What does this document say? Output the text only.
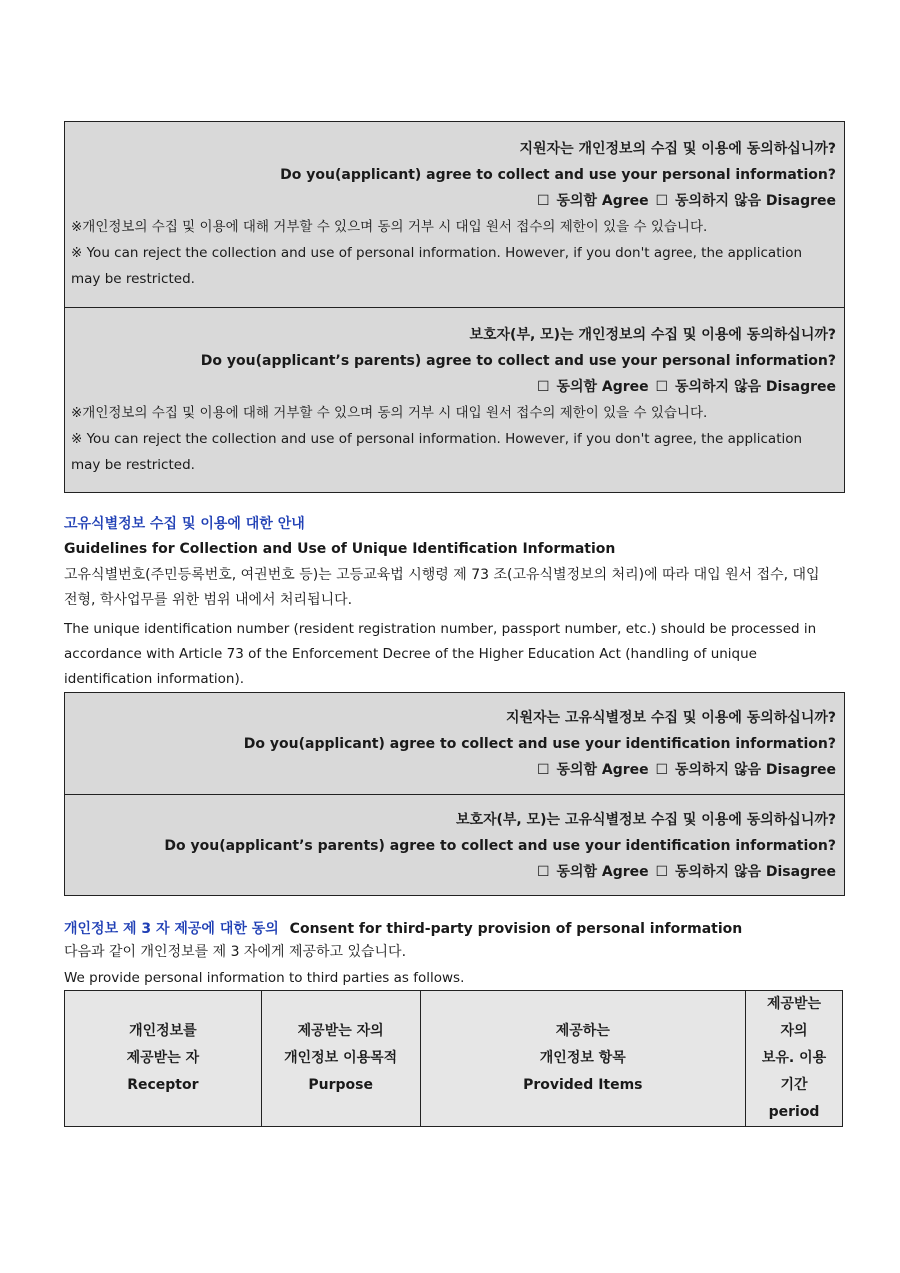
지원자는 개인정보의 수집 및 이용에 동의하십니까?
Do you(applicant) agree to collect and use your personal information?
☐ 동의함 Agree ☐ 동의하지 않음 Disagree
※개인정보의 수집 및 이용에 대해 거부할 수 있으며 동의 거부 시 대입 원서 접수의 제한이 있을 수 있습니다.
※ You can reject the collection and use of personal information. However, if you don't agree, the application may be restricted.
보호자(부, 모)는 개인정보의 수집 및 이용에 동의하십니까?
Do you(applicant’s parents) agree to collect and use your personal information?
☐ 동의함 Agree ☐ 동의하지 않음 Disagree
※개인정보의 수집 및 이용에 대해 거부할 수 있으며 동의 거부 시 대입 원서 접수의 제한이 있을 수 있습니다.
※ You can reject the collection and use of personal information. However, if you don't agree, the application may be restricted.
고유식별정보 수집 및 이용에 대한 안내
Guidelines for Collection and Use of Unique Identification Information
고유식별번호(주민등록번호, 여권번호 등)는 고등교육법 시행령 제 73 조(고유식별정보의 처리)에 따라 대입 원서 접수, 대입 전형, 학사업무를 위한 범위 내에서 처리됩니다.
The unique identification number (resident registration number, passport number, etc.) should be processed in accordance with Article 73 of the Enforcement Decree of the Higher Education Act (handling of unique identification information).
지원자는 고유식별정보 수집 및 이용에 동의하십니까?
Do you(applicant) agree to collect and use your identification information?
☐ 동의함 Agree ☐ 동의하지 않음 Disagree
보호자(부, 모)는 고유식별정보 수집 및 이용에 동의하십니까?
Do you(applicant’s parents) agree to collect and use your identification information?
☐ 동의함 Agree ☐ 동의하지 않음 Disagree
개인정보 제 3 자 제공에 대한 동의 Consent for third-party provision of personal information
다음과 같이 개인정보를 제 3 자에게 제공하고 있습니다.
We provide personal information to third parties as follows.
개인정보를
제공받는 자
Receptor

제공받는 자의
개인정보 이용목적
Purpose

제공하는
개인정보 항목
Provided Items

제공받는
자의
보유. 이용
기간
period
